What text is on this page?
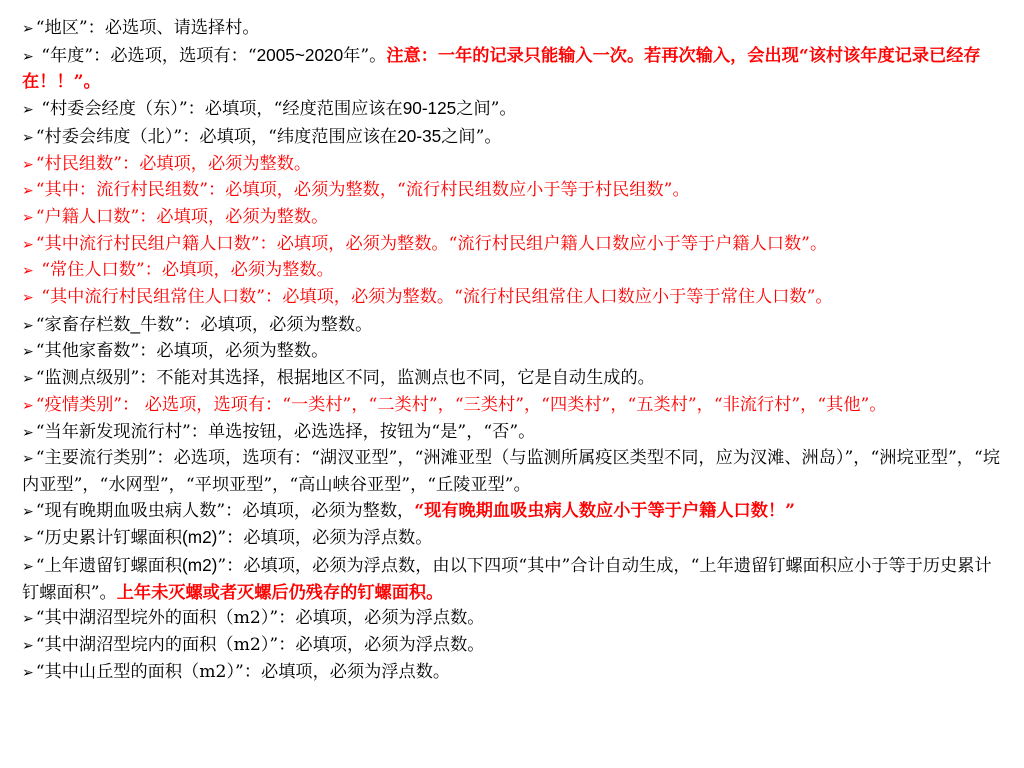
➢ “地区”：必选项、请选择村。
➢ “年度”：必选项，选项有：“2005~2020年”。注意：一年的记录只能输入一次。若再次输入，会出现“该村该年度记录已经存在！！”。
➢ “村委会经度（东）”：必填项，“经度范围应该在90-125之间”。
➢ “村委会纬度（北）”：必填项，“纬度范围应该在20-35之间”。
➢ “村民组数”：必填项，必须为整数。
➢ “其中：流行村民组数”：必填项，必须为整数，“流行村民组数应小于等于村民组数”。
➢ “户籍人口数”：必填项，必须为整数。
➢ “其中流行村民组户籍人口数”：必填项，必须为整数。“流行村民组户籍人口数应小于等于户籍人口数”。
➢ “常住人口数”：必填项，必须为整数。
➢ “其中流行村民组常住人口数”：必填项，必须为整数。“流行村民组常住人口数应小于等于常住人口数”。
➢ “家畜存栏数_牛数”：必填项，必须为整数。
➢ “其他家畜数”：必填项，必须为整数。
➢ “监测点级别”：不能对其选择，根据地区不同，监测点也不同，它是自动生成的。
➢ “疫情类别”： 必选项，选项有：“一类村”，“二类村”，“三类村”，“四类村”，“五类村”，“非流行村”，“其他”。
➢ “当年新发现流行村”：单选按钮，必选选择，按钮为“是”，“否”。
➢ “主要流行类别”：必选项，选项有：“湖汊亚型”，“洲滩亚型（与监测所属疫区类型不同，应为汊滩、洲岛）”，“洲垸亚型”，“垸内亚型”，“水网型”，“平坝亚型”，“高山峡谷亚型”，“丘陵亚型”。
➢ “现有晚期血吸虫病人数”：必填项，必须为整数，“现有晚期血吸虫病人数应小于等于户籍人口数！”
➢ “历史累计钉螺面积(m2)”：必填项，必须为浮点数。
➢ “上年遗留钉螺面积(m2)”：必填项，必须为浮点数，由以下四项“其中”合计自动生成，“上年遗留钉螺面积应小于等于历史累计钉螺面积”。上年未灭螺或者灭螺后仍残存的钉螺面积。
➢ “其中湖沼型垸外的面积（m2）”：必填项，必须为浮点数。
➢ “其中湖沼型垸内的面积（m2）”：必填项，必须为浮点数。
➢ “其中山丘型的面积（m2）”：必填项，必须为浮点数。
